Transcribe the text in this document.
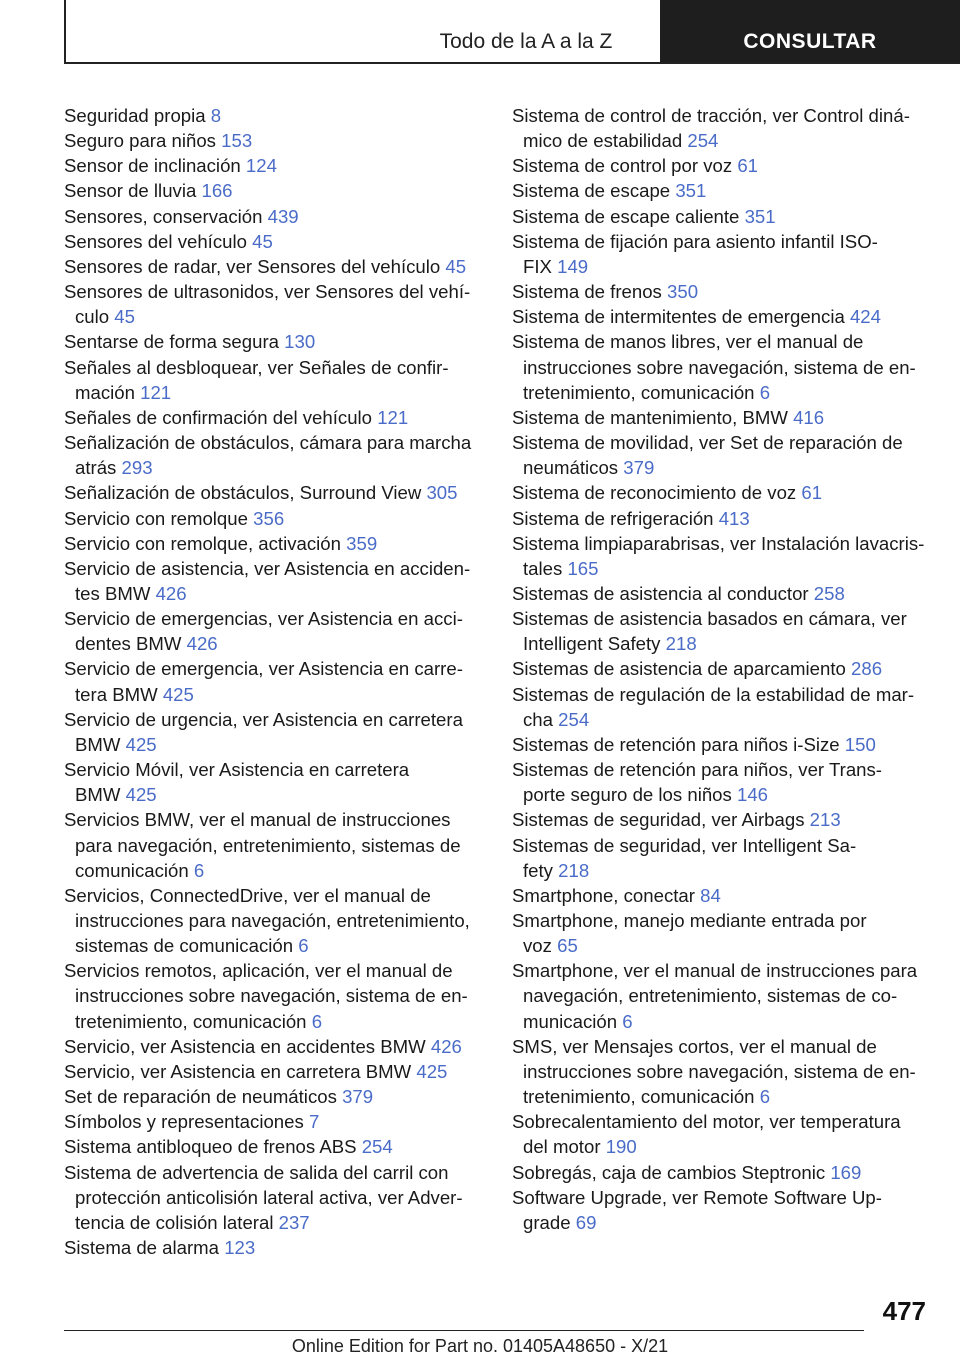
Todo de la A a la Z	CONSULTAR
Seguridad propia 8
Seguro para niños 153
Sensor de inclinación 124
Sensor de lluvia 166
Sensores, conservación 439
Sensores del vehículo 45
Sensores de radar, ver Sensores del vehículo 45
Sensores de ultrasonidos, ver Sensores del vehí-
culo 45
Sentarse de forma segura 130
Señales al desbloquear, ver Señales de confir-
mación 121
Señales de confirmación del vehículo 121
Señalización de obstáculos, cámara para marcha
atrás 293
Señalización de obstáculos, Surround View 305
Servicio con remolque 356
Servicio con remolque, activación 359
Servicio de asistencia, ver Asistencia en acciden-
tes BMW 426
Servicio de emergencias, ver Asistencia en acci-
dentes BMW 426
Servicio de emergencia, ver Asistencia en carre-
tera BMW 425
Servicio de urgencia, ver Asistencia en carretera
BMW 425
Servicio Móvil, ver Asistencia en carretera
BMW 425
Servicios BMW, ver el manual de instrucciones
para navegación, entretenimiento, sistemas de
comunicación 6
Servicios, ConnectedDrive, ver el manual de
instrucciones para navegación, entretenimiento,
sistemas de comunicación 6
Servicios remotos, aplicación, ver el manual de
instrucciones sobre navegación, sistema de en-
tretenimiento, comunicación 6
Servicio, ver Asistencia en accidentes BMW 426
Servicio, ver Asistencia en carretera BMW 425
Set de reparación de neumáticos 379
Símbolos y representaciones 7
Sistema antibloqueo de frenos ABS 254
Sistema de advertencia de salida del carril con
protección anticolisión lateral activa, ver Adver-
tencia de colisión lateral 237
Sistema de alarma 123
Sistema de control de tracción, ver Control diná-
mico de estabilidad 254
Sistema de control por voz 61
Sistema de escape 351
Sistema de escape caliente 351
Sistema de fijación para asiento infantil ISO-
FIX 149
Sistema de frenos 350
Sistema de intermitentes de emergencia 424
Sistema de manos libres, ver el manual de
instrucciones sobre navegación, sistema de en-
tretenimiento, comunicación 6
Sistema de mantenimiento, BMW 416
Sistema de movilidad, ver Set de reparación de
neumáticos 379
Sistema de reconocimiento de voz 61
Sistema de refrigeración 413
Sistema limpiaparabrisas, ver Instalación lavacris-
tales 165
Sistemas de asistencia al conductor 258
Sistemas de asistencia basados en cámara, ver
Intelligent Safety 218
Sistemas de asistencia de aparcamiento 286
Sistemas de regulación de la estabilidad de mar-
cha 254
Sistemas de retención para niños i-Size 150
Sistemas de retención para niños, ver Trans-
porte seguro de los niños 146
Sistemas de seguridad, ver Airbags 213
Sistemas de seguridad, ver Intelligent Sa-
fety 218
Smartphone, conectar 84
Smartphone, manejo mediante entrada por
voz 65
Smartphone, ver el manual de instrucciones para
navegación, entretenimiento, sistemas de co-
municación 6
SMS, ver Mensajes cortos, ver el manual de
instrucciones sobre navegación, sistema de en-
tretenimiento, comunicación 6
Sobrecalentamiento del motor, ver temperatura
del motor 190
Sobregás, caja de cambios Steptronic 169
Software Upgrade, ver Remote Software Up-
grade 69
477
Online Edition for Part no. 01405A48650 - X/21
